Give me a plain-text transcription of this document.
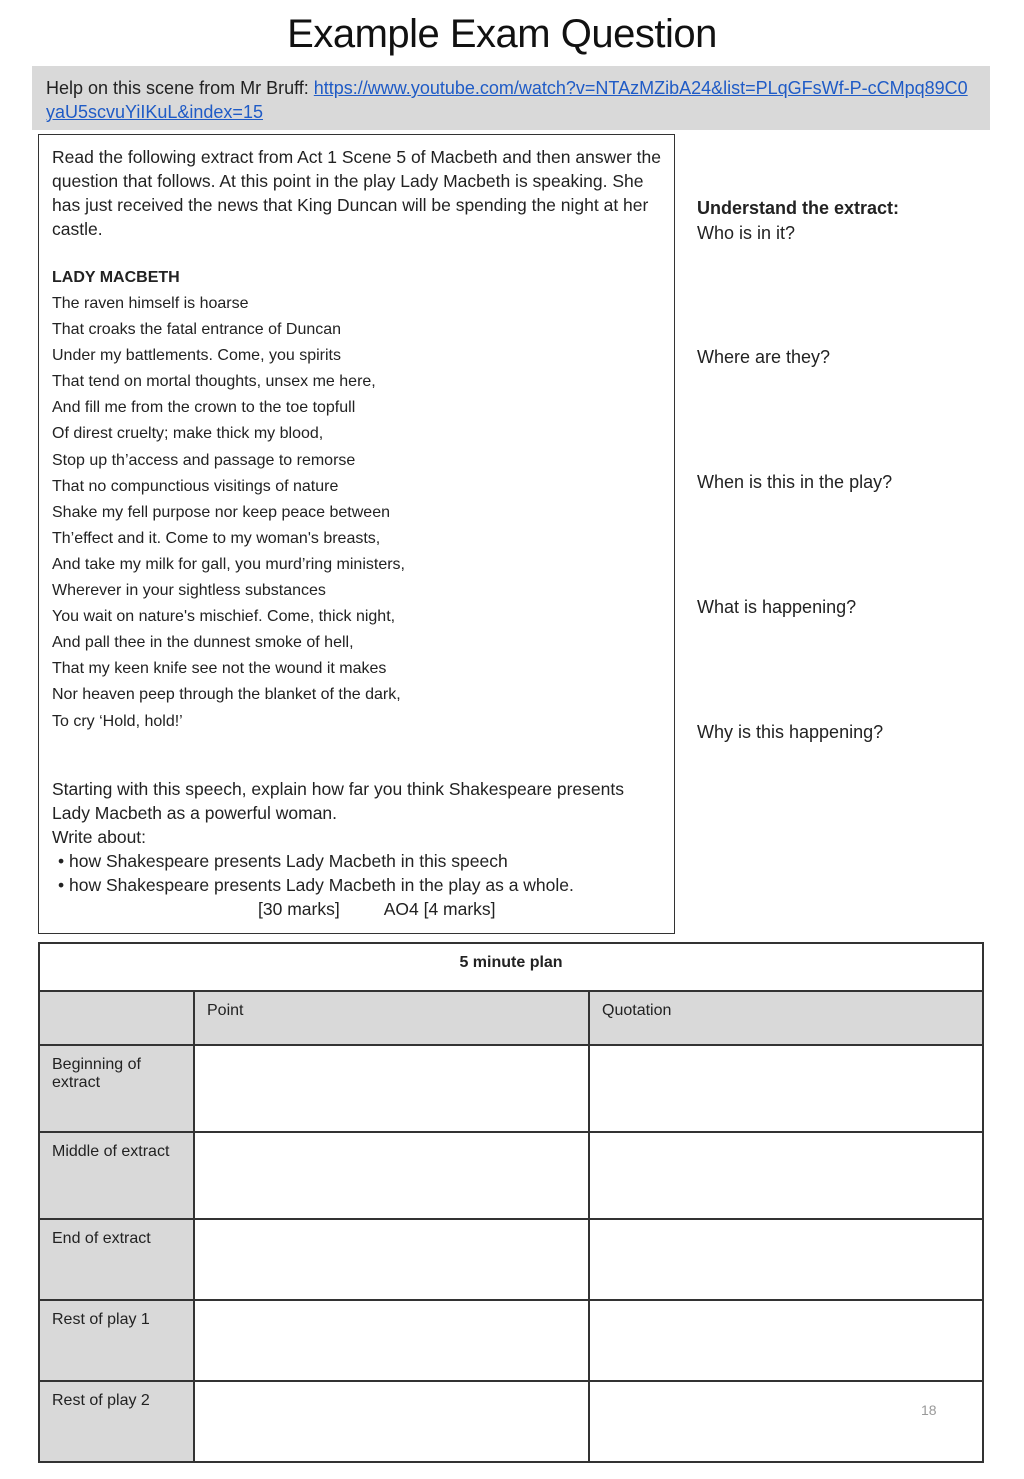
Example Exam Question
Help on this scene from Mr Bruff: https://www.youtube.com/watch?v=NTAzMZibA24&list=PLqGFsWf-P-cCMpq89C0yaU5scvuYiIKuL&index=15

Read the following extract from Act 1 Scene 5 of Macbeth and then answer the question that follows. At this point in the play Lady Macbeth is speaking. She has just received the news that King Duncan will be spending the night at her castle.

LADY MACBETH
The raven himself is hoarse
That croaks the fatal entrance of Duncan
Under my battlements. Come, you spirits
That tend on mortal thoughts, unsex me here,
And fill me from the crown to the toe topfull
Of direst cruelty; make thick my blood,
Stop up th’access and passage to remorse
That no compunctious visitings of nature
Shake my fell purpose nor keep peace between
Th’effect and it. Come to my woman's breasts,
And take my milk for gall, you murd’ring ministers,
Wherever in your sightless substances
You wait on nature's mischief. Come, thick night,
And pall thee in the dunnest smoke of hell,
That my keen knife see not the wound it makes
Nor heaven peep through the blanket of the dark,
To cry ‘Hold, hold!’
Starting with this speech, explain how far you think Shakespeare presents
Lady Macbeth as a powerful woman.
Write about:
• how Shakespeare presents Lady Macbeth in this speech
• how Shakespeare presents Lady Macbeth in the play as a whole.
[30 marks]	AO4 [4 marks]
Understand the extract:
Who is in it?
Where are they?
When is this in the play?
What is happening?
Why is this happening?
5 minute plan		
	Point	Quotation
Beginning of extract		
Middle of extract		
End of extract		
Rest of play 1		
Rest of play 2		
18
